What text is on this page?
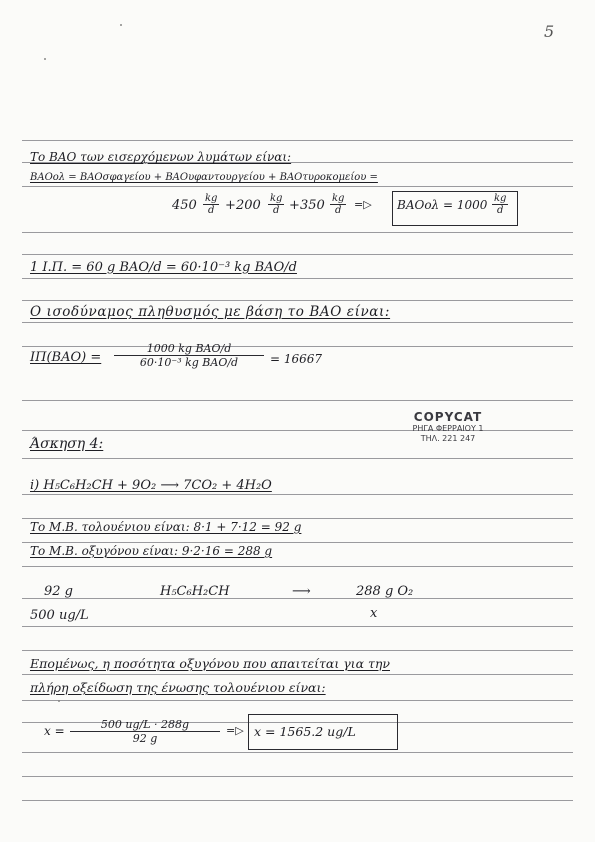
5
Το ΒΑΟ των εισερχόμενων λυμάτων είναι:
ΒΑΟολ = ΒΑΟσφαγείου + ΒΑΟυφαντουργείου + ΒΑΟτυροκομείου =
$450 \frac{kg}{d} + 200 \frac{kg}{d} + 350 \frac{kg}{d}$ =▷ $BAOo\lambda = 1000 \frac{kg}{d}$
1 Ι.Π. = 60 g ΒΑΟ/d = 60·10⁻³ kg ΒΑΟ/d
Ο ισοδύναμος πληθυσμός με βάση το ΒΑΟ είναι:
ΙΠ(ΒΑΟ) =
1000 kg ΒΑΟ/d
60·10⁻³ kg ΒΑΟ/d	= 16667
COPYCAT
ΡΗΓΑ ΦΕΡΡΑΙΟΥ 1
ΤΗΛ. 221 247
Άσκηση 4:
i) H₅C₆H₂CH + 9O₂ ⟶ 7CO₂ + 4H₂O
Το Μ.Β. τολουένιου είναι: 8·1 + 7·12 = 92 g
Το Μ.Β. οξυγόνου είναι: 9·2·16 = 288 g
92 g	H₅C₆H₂CH	⟶	288 g O₂
500 ug/L	x
Επομένως, η ποσότητα οξυγόνου που απαιτείται για την
πλήρη οξείδωση της ένωσης τολουένιου είναι:
$x = \frac{500 ug/L \cdot 288g}{92 g}$ =▷ x = 1565.2 ug/L
